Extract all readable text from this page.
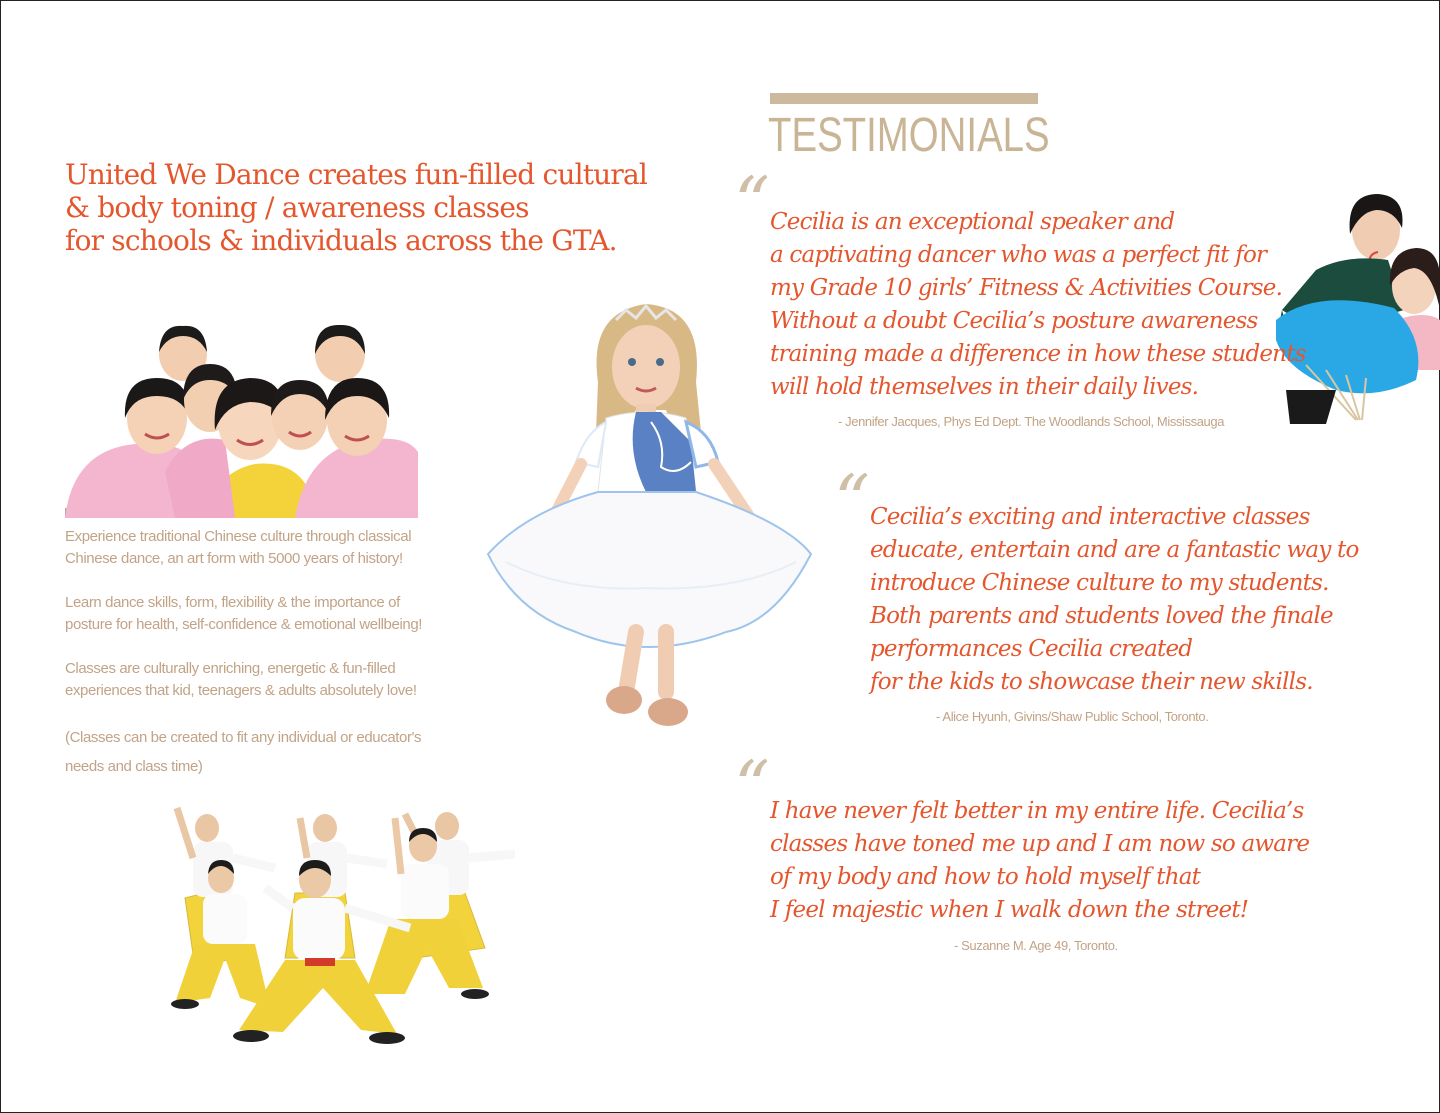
United We Dance creates fun-filled cultural
& body toning / awareness classes
for schools & individuals across the GTA.

Experience traditional Chinese culture through classical

Chinese dance, an art form with 5000 years of history!

Learn dance skills, form, flexibility & the importance of

posture for health, self-confidence & emotional wellbeing!

Classes are culturally enriching, energetic & fun-filled

experiences that kid, teenagers & adults absolutely love!

(Classes can be created to fit any individual or educator's

needs and class time)

TESTIMONIALS
“ Cecilia is an exceptional speaker and
a captivating dancer who was a perfect fit for
my Grade 10 girls’ Fitness & Activities Course.
Without a doubt Cecilia’s posture awareness
training made a difference in how these students
will hold themselves in their daily lives.
- Jennifer Jacques, Phys Ed Dept. The Woodlands School, Mississauga
“ Cecilia’s exciting and interactive classes
educate, entertain and are a fantastic way to
introduce Chinese culture to my students.
Both parents and students loved the finale
performances Cecilia created
for the kids to showcase their new skills.
- Alice Hyunh, Givins/Shaw Public School, Toronto.
“ I have never felt better in my entire life. Cecilia’s
classes have toned me up and I am now so aware
of my body and how to hold myself that
I feel majestic when I walk down the street!
- Suzanne M. Age 49, Toronto.
